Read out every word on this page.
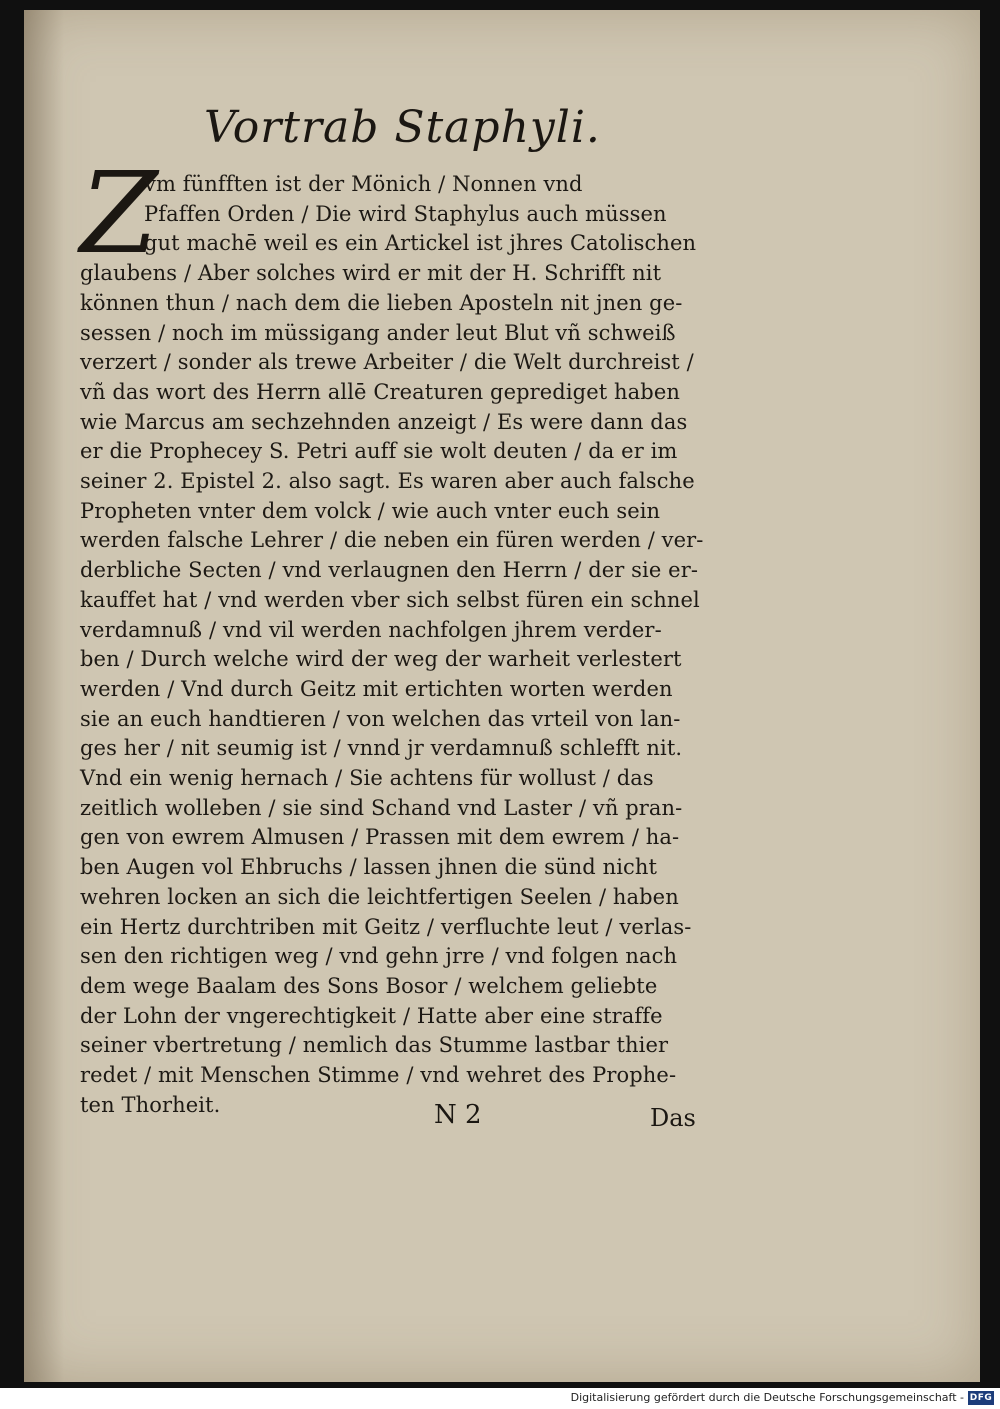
Vortrab Staphyli.
Z
vm fünfften ist der Mönich / Nonnen vnd
Pfaffen Orden / Die wird Staphylus auch müssen
gut machē weil es ein Artickel ist jhres Catolischen
glaubens / Aber solches wird er mit der H. Schrifft nit
können thun / nach dem die lieben Aposteln nit jnen ge-
sessen / noch im müssigang ander leut Blut vñ schweiß
verzert / sonder als trewe Arbeiter / die Welt durchreist /
vñ das wort des Herrn allē Creaturen geprediget haben
wie Marcus am sechzehnden anzeigt / Es were dann das
er die Prophecey S. Petri auff sie wolt deuten / da er im
seiner 2. Epistel 2. also sagt. Es waren aber auch falsche
Propheten vnter dem volck / wie auch vnter euch sein
werden falsche Lehrer / die neben ein füren werden / ver-
derbliche Secten / vnd verlaugnen den Herrn / der sie er-
kauffet hat / vnd werden vber sich selbst füren ein schnel
verdamnuß / vnd vil werden nachfolgen jhrem verder-
ben / Durch welche wird der weg der warheit verlestert
werden / Vnd durch Geitz mit ertichten worten werden
sie an euch handtieren / von welchen das vrteil von lan-
ges her / nit seumig ist / vnnd jr verdamnuß schlefft nit.
Vnd ein wenig hernach / Sie achtens für wollust / das
zeitlich wolleben / sie sind Schand vnd Laster / vñ pran-
gen von ewrem Almusen / Prassen mit dem ewrem / ha-
ben Augen vol Ehbruchs / lassen jhnen die sünd nicht
wehren locken an sich die leichtfertigen Seelen / haben
ein Hertz durchtriben mit Geitz / verfluchte leut / verlas-
sen den richtigen weg / vnd gehn jrre / vnd folgen nach
dem wege Baalam des Sons Bosor / welchem geliebte
der Lohn der vngerechtigkeit / Hatte aber eine straffe
seiner vbertretung / nemlich das Stumme lastbar thier
redet / mit Menschen Stimme / vnd wehret des Prophe-
ten Thorheit.	N 2	Das
Digitalisierung gefördert durch die Deutsche Forschungsgemeinschaft - DFG
